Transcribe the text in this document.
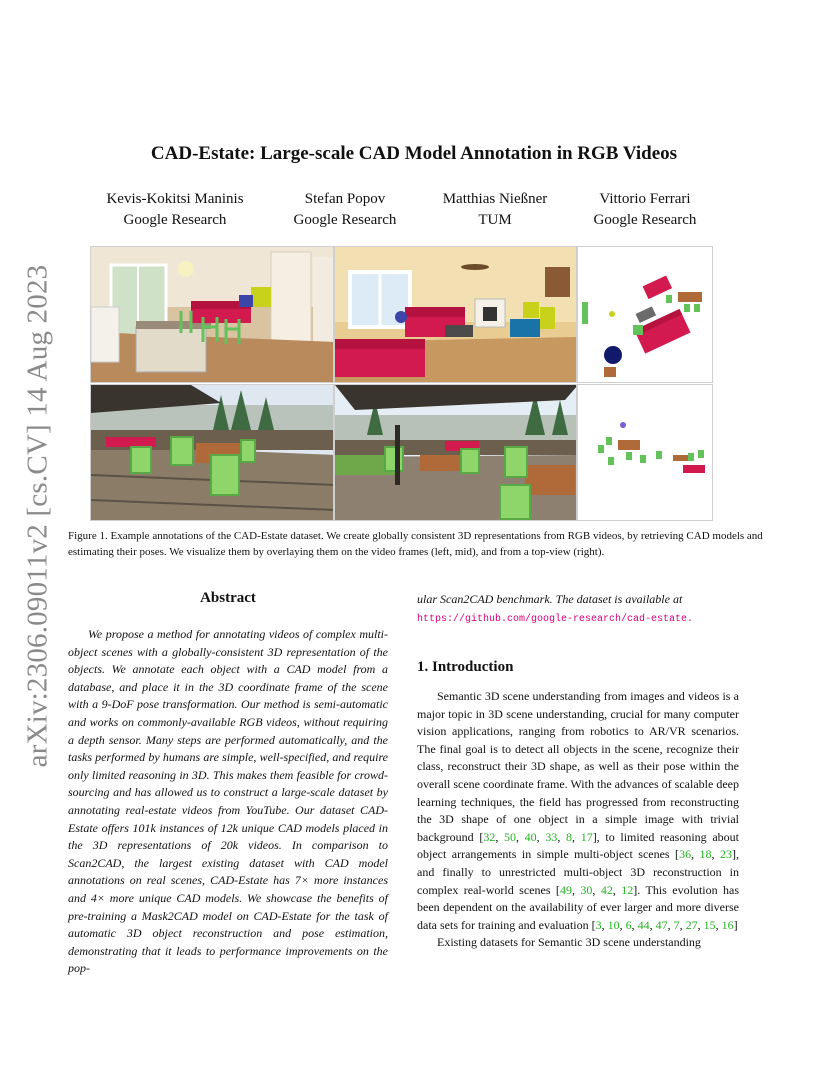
arXiv:2306.09011v2 [cs.CV] 14 Aug 2023
CAD-Estate: Large-scale CAD Model Annotation in RGB Videos
Kevis-Kokitsi Maninis
Google Research
Stefan Popov
Google Research
Matthias Nießner
TUM
Vittorio Ferrari
Google Research
Figure 1. Example annotations of the CAD-Estate dataset. We create globally consistent 3D representations from RGB videos, by retrieving CAD models and estimating their poses. We visualize them by overlaying them on the video frames (left, mid), and from a top-view (right).
Abstract

We propose a method for annotating videos of complex multi-object scenes with a globally-consistent 3D representation of the objects. We annotate each object with a CAD model from a database, and place it in the 3D coordinate frame of the scene with a 9-DoF pose transformation. Our method is semi-automatic and works on commonly-available RGB videos, without requiring a depth sensor. Many steps are performed automatically, and the tasks performed by humans are simple, well-specified, and require only limited reasoning in 3D. This makes them feasible for crowd-sourcing and has allowed us to construct a large-scale dataset by annotating real-estate videos from YouTube. Our dataset CAD-Estate offers 101k instances of 12k unique CAD models placed in the 3D representations of 20k videos. In comparison to Scan2CAD, the largest existing dataset with CAD model annotations on real scenes, CAD-Estate has 7× more instances and 4× more unique CAD models. We showcase the benefits of pre-training a Mask2CAD model on CAD-Estate for the task of automatic 3D object reconstruction and pose estimation, demonstrating that it leads to performance improvements on the pop-

ular Scan2CAD benchmark. The dataset is available at
https://github.com/google-research/cad-estate.
1. Introduction

Semantic 3D scene understanding from images and videos is a major topic in 3D scene understanding, crucial for many computer vision applications, ranging from robotics to AR/VR scenarios. The final goal is to detect all objects in the scene, recognize their class, reconstruct their 3D shape, as well as their pose within the overall scene coordinate frame. With the advances of scalable deep learning techniques, the field has progressed from reconstructing the 3D shape of one object in a simple image with trivial background [32, 50, 40, 33, 8, 17], to limited reasoning about object arrangements in simple multi-object scenes [36, 18, 23], and finally to unrestricted multi-object 3D reconstruction in complex real-world scenes [49, 30, 42, 12]. This evolution has been dependent on the availability of ever larger and more diverse data sets for training and evaluation [3, 10, 6, 44, 47, 7, 27, 15, 16]

Existing datasets for Semantic 3D scene understanding
